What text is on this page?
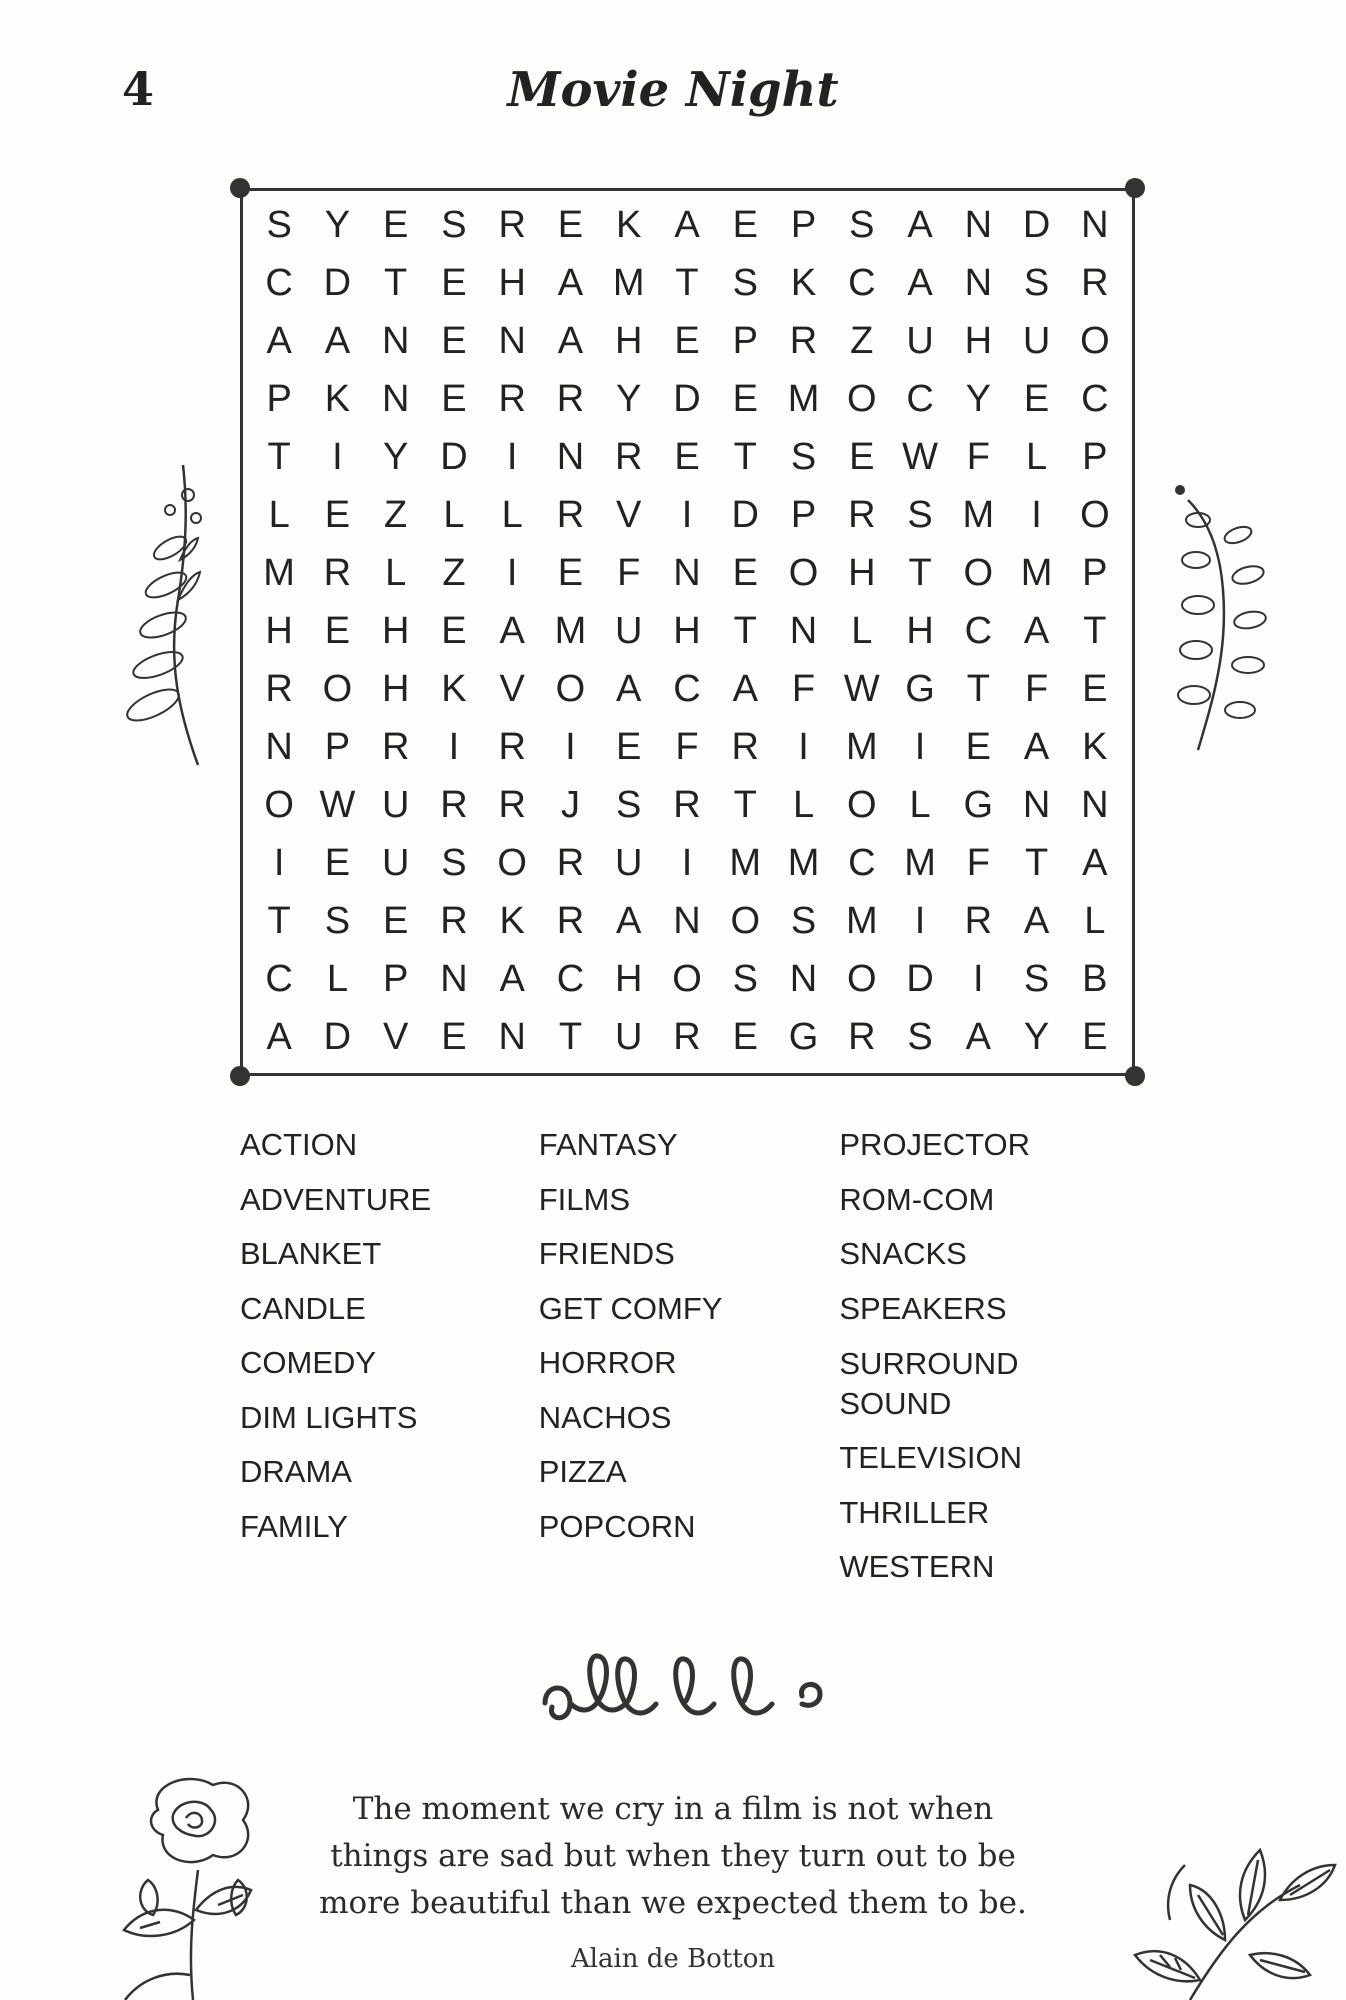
4	Movie Night
S Y E S R E K A E P S A N D N
C D T E H A M T S K C A N S R
A A N E N A H E P R Z U H U O
P K N E R R Y D E M O C Y E C
T	I	Y D	I	N R E T S E W F L P
L E Z L L R V	I	D P R S M I	O
M R L Z	I	E F N E O H T O M P
H E H E A M U H T N L H C A T
R O H K V O A C A F W G T F E
N P R	I	R	I	E F R	I M I	E A K
O W U R R J S R T L O L G N N
I	E U S O R U	I M M C M F T A
T S E R K R A N O S M I	R A L
C L P N A C H O S N O D	I	S B
A D V E N T U R E G R S A Y E
ACTION
ADVENTURE
BLANKET
CANDLE
COMEDY
DIM LIGHTS
DRAMA
FAMILY
FANTASY
FILMS
FRIENDS
GET COMFY
HORROR
NACHOS
PIZZA
POPCORN
PROJECTOR
ROM-COM
SNACKS
SPEAKERS
SURROUND
SOUND
TELEVISION
THRILLER
WESTERN
The moment we cry in a film is not when
things are sad but when they turn out to be
more beautiful than we expected them to be.
Alain de Botton
